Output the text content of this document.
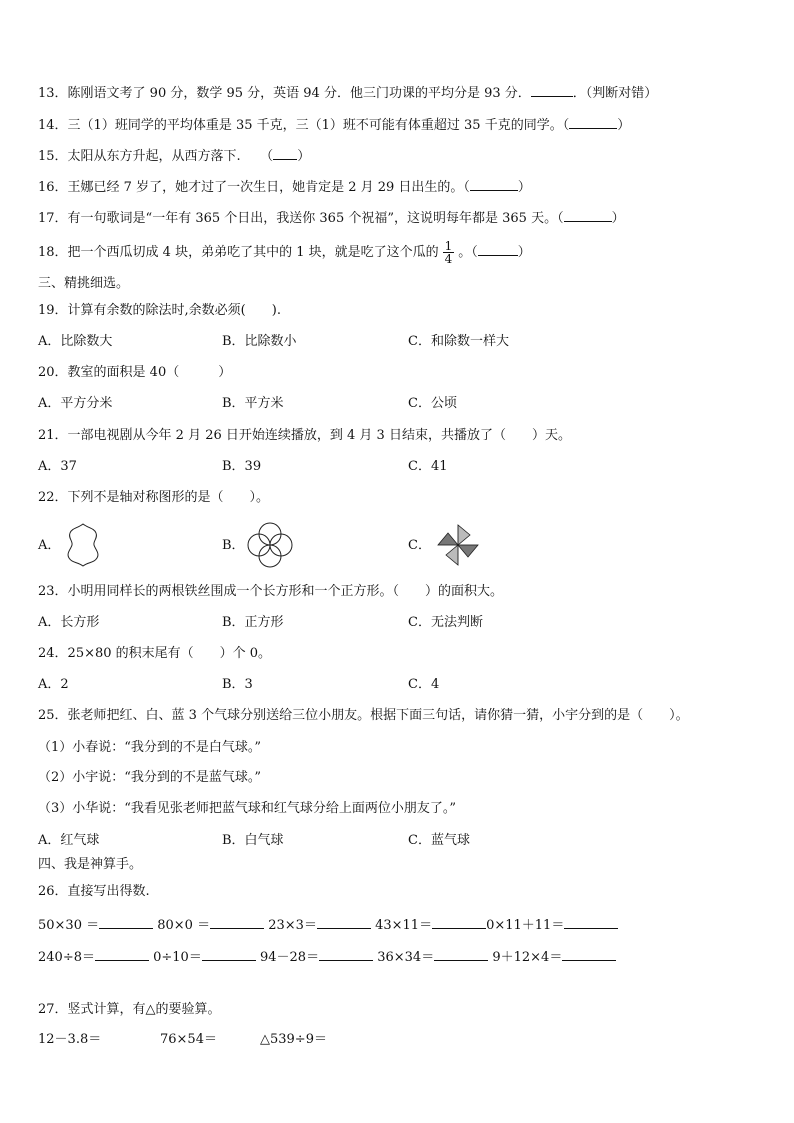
13．陈刚语文考了 90 分，数学 95 分，英语 94 分．他三门功课的平均分是 93 分．	．（判断对错）
14．三（1）班同学的平均体重是 35 千克，三（1）班不可能有体重超过 35 千克的同学。（	）
15．太阳从东方升起，从西方落下.　　（ ）
16．王娜已经 7 岁了，她才过了一次生日，她肯定是 2 月 29 日出生的。（	）
17．有一句歌词是“一年有 365 个日出，我送你 365 个祝福”，这说明每年都是 365 天。（	）
18．把一个西瓜切成 4 块，弟弟吃了其中的 1 块，就是吃了这个瓜的 $\frac{1}{4}$ 。（	）
三、精挑细选。
19．计算有余数的除法时,余数必须(　　).
A．比除数大	B．比除数小	C．和除数一样大
20．教室的面积是 40（　　　）
A．平方分米	B．平方米	C．公顷
21．一部电视剧从今年 2 月 26 日开始连续播放，到 4 月 3 日结束，共播放了（　　）天。
A．37	B．39	C．41
22．下列不是轴对称图形的是（　　）。
A．	B．	C．
23．小明用同样长的两根铁丝围成一个长方形和一个正方形。（　　）的面积大。
A．长方形	B．正方形	C．无法判断
24．25×80 的积末尾有（　　）个 0。
A．2	B．3	C．4
25．张老师把红、白、蓝 3 个气球分别送给三位小朋友。根据下面三句话，请你猜一猜，小宇分到的是（　　）。
（1）小春说：“我分到的不是白气球。”
（2）小宇说：“我分到的不是蓝气球。”
（3）小华说：“我看见张老师把蓝气球和红气球分给上面两位小朋友了。”
A．红气球	B．白气球	C．蓝气球
四、我是神算手。
26．直接写出得数.
50×30 ＝	80×0 ＝	23×3＝	43×11＝	0×11＋11＝
240÷8＝	0÷10＝	94－28＝	36×34＝	9＋12×4＝
27．竖式计算，有△的要验算。
12－3.8＝	76×54＝	△539÷9＝
